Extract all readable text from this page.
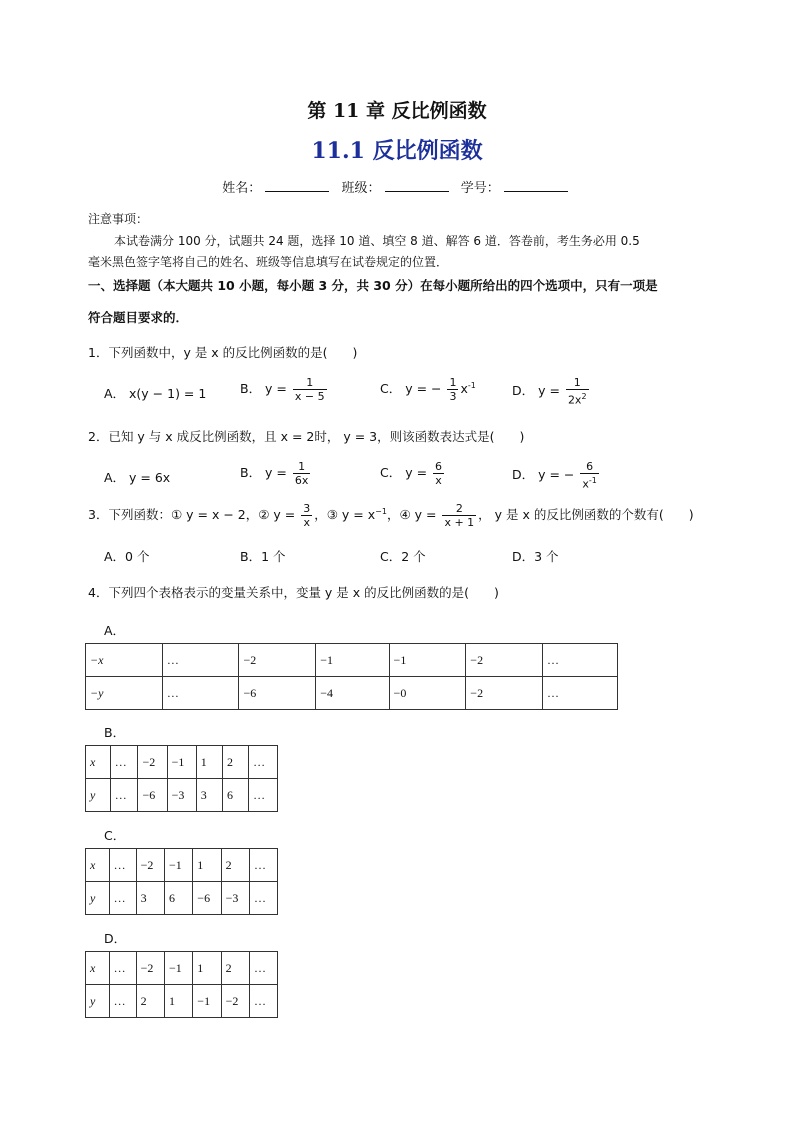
第 11 章 反比例函数
11.1 反比例函数
姓名：	班级：	学号：
注意事项：
本试卷满分 100 分，试题共 24 题，选择 10 道、填空 8 道、解答 6 道．答卷前，考生务必用 0.5
毫米黑色签字笔将自己的姓名、班级等信息填写在试卷规定的位置．
一、选择题（本大题共 10 小题，每小题 3 分，共 30 分）在每小题所给出的四个选项中，只有一项是
符合题目要求的．
1．下列函数中，y 是 x 的反比例函数的是(　　)
A． x(y − 1) = 1	B． $y = \frac{1}{x - 5}$	C． y = − $\frac{1}{3} x^{-1}$	D． $y = \frac{1}{2x^2}$
2．已知 y 与 x 成反比例函数，且 x = 2时， y = 3，则该函数表达式是(　　)
A． y = 6x	B． $y = \frac{1}{6x}$	C． $y = \frac{6}{x}$	D． y = − $\frac{6}{x^{-1}}$
3．下列函数：① y = x − 2，② $y = \frac{3}{x}$ ，③ $y = x^{-1}$，④ $y = \frac{2}{x + 1}$ ， y 是 x 的反比例函数的个数有(　　)
A．0 个	B．1 个	C．2 个	D．3 个
4．下列四个表格表示的变量关系中，变量 y 是 x 的反比例函数的是(　　)
A．
−x	…	−2	−1	−1	−2	…
−y	…	−6	−4	−0	−2	…
B．
x	…	−2	−1	1	2	…
y	…	−6	−3	3	6	…
C．
x	…	−2	−1	1	2	…
y	…	3	6	−6	−3	…
D．
x	…	−2	−1	1	2	…
y	…	2	1	−1	−2	…
